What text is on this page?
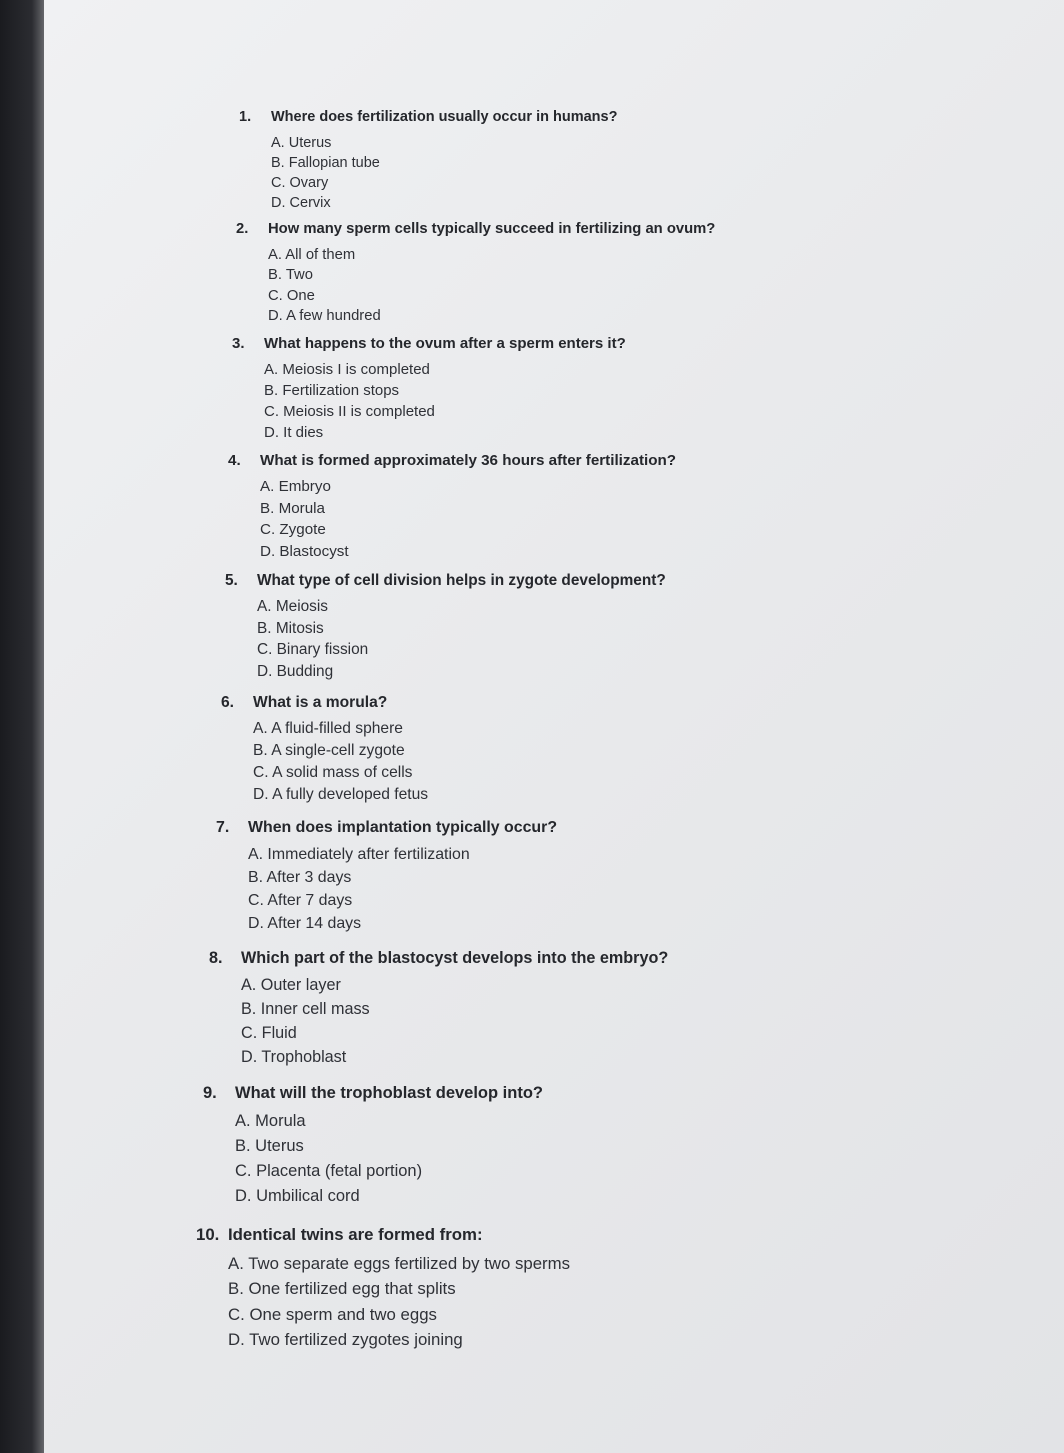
1. Where does fertilization usually occur in humans?
A. Uterus
B. Fallopian tube
C. Ovary
D. Cervix
2. How many sperm cells typically succeed in fertilizing an ovum?
A. All of them
B. Two
C. One
D. A few hundred
3. What happens to the ovum after a sperm enters it?
A. Meiosis I is completed
B. Fertilization stops
C. Meiosis II is completed
D. It dies
4. What is formed approximately 36 hours after fertilization?
A. Embryo
B. Morula
C. Zygote
D. Blastocyst
5. What type of cell division helps in zygote development?
A. Meiosis
B. Mitosis
C. Binary fission
D. Budding
6. What is a morula?
A. A fluid-filled sphere
B. A single-cell zygote
C. A solid mass of cells
D. A fully developed fetus
7. When does implantation typically occur?
A. Immediately after fertilization
B. After 3 days
C. After 7 days
D. After 14 days
8. Which part of the blastocyst develops into the embryo?
A. Outer layer
B. Inner cell mass
C. Fluid
D. Trophoblast
9. What will the trophoblast develop into?
A. Morula
B. Uterus
C. Placenta (fetal portion)
D. Umbilical cord
10. Identical twins are formed from:
A. Two separate eggs fertilized by two sperms
B. One fertilized egg that splits
C. One sperm and two eggs
D. Two fertilized zygotes joining
